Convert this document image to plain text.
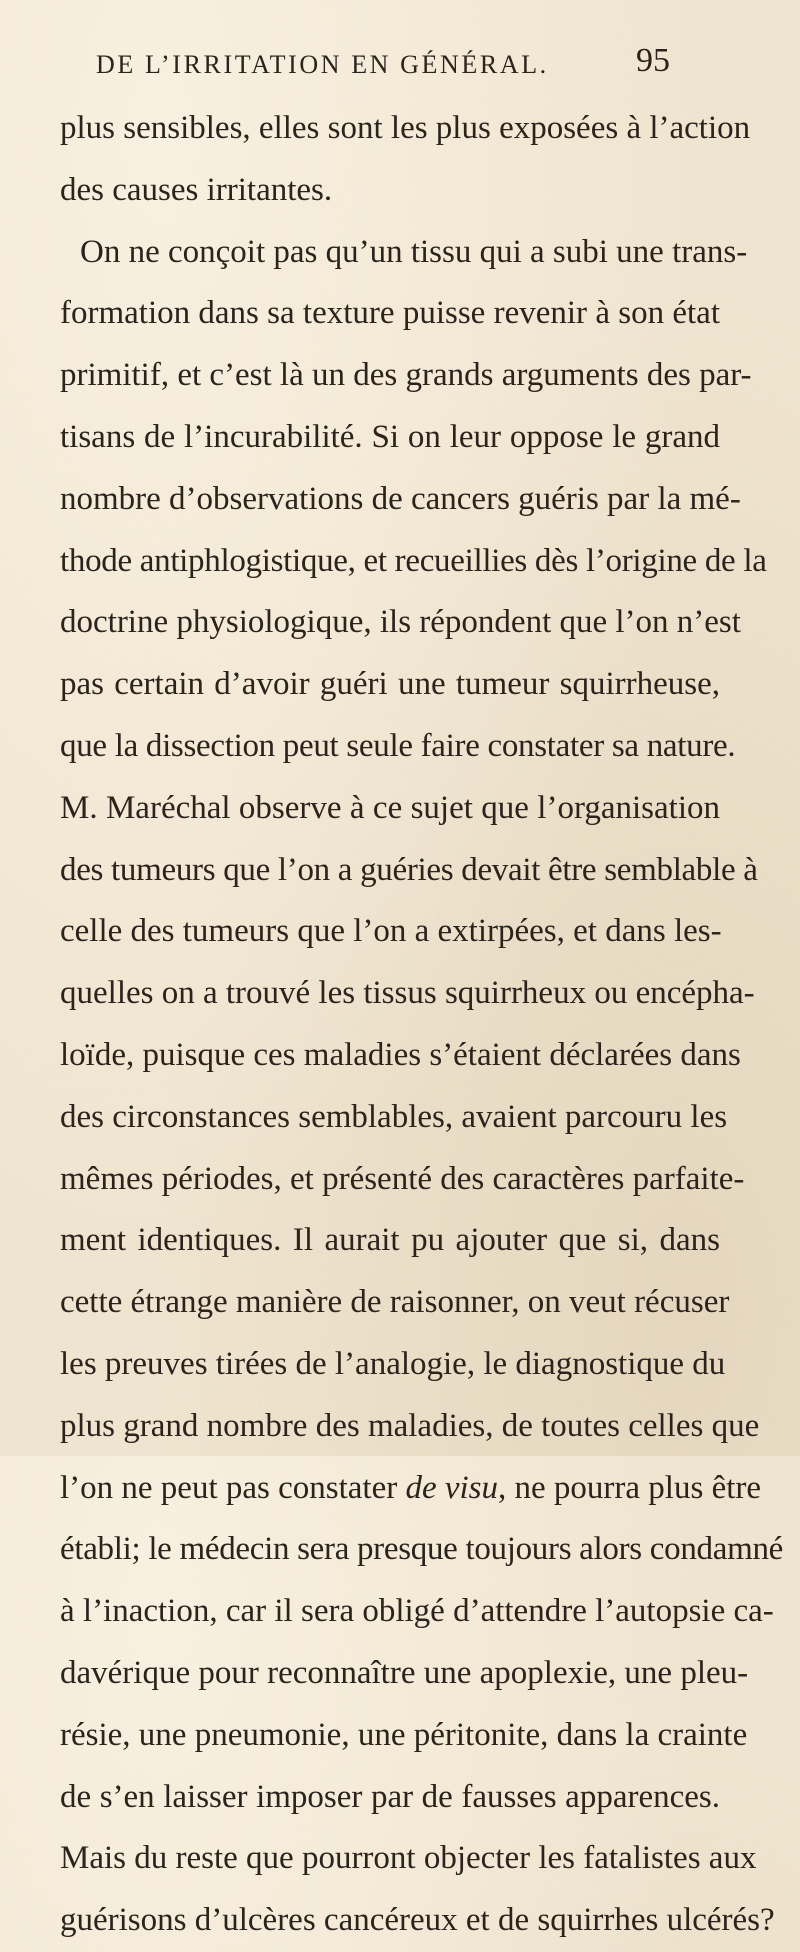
DE L’IRRITATION EN GÉNÉRAL.	95
plus sensibles, elles sont les plus exposées à l’action
des causes irritantes.
On ne conçoit pas qu’un tissu qui a subi une trans-
formation dans sa texture puisse revenir à son état
primitif, et c’est là un des grands arguments des par-
tisans de l’incurabilité. Si on leur oppose le grand
nombre d’observations de cancers guéris par la mé-
thode antiphlogistique, et recueillies dès l’origine de la
doctrine physiologique, ils répondent que l’on n’est
pas certain d’avoir guéri une tumeur squirrheuse,
que la dissection peut seule faire constater sa nature.
M. Maréchal observe à ce sujet que l’organisation
des tumeurs que l’on a guéries devait être semblable à
celle des tumeurs que l’on a extirpées, et dans les-
quelles on a trouvé les tissus squirrheux ou encépha-
loïde, puisque ces maladies s’étaient déclarées dans
des circonstances semblables, avaient parcouru les
mêmes périodes, et présenté des caractères parfaite-
ment identiques. Il aurait pu ajouter que si, dans
cette étrange manière de raisonner, on veut récuser
les preuves tirées de l’analogie, le diagnostique du
plus grand nombre des maladies, de toutes celles que
l’on ne peut pas constater de visu, ne pourra plus être
établi; le médecin sera presque toujours alors condamné
à l’inaction, car il sera obligé d’attendre l’autopsie ca-
davérique pour reconnaître une apoplexie, une pleu-
résie, une pneumonie, une péritonite, dans la crainte
de s’en laisser imposer par de fausses apparences.
Mais du reste que pourront objecter les fatalistes aux
guérisons d’ulcères cancéreux et de squirrhes ulcérés?
